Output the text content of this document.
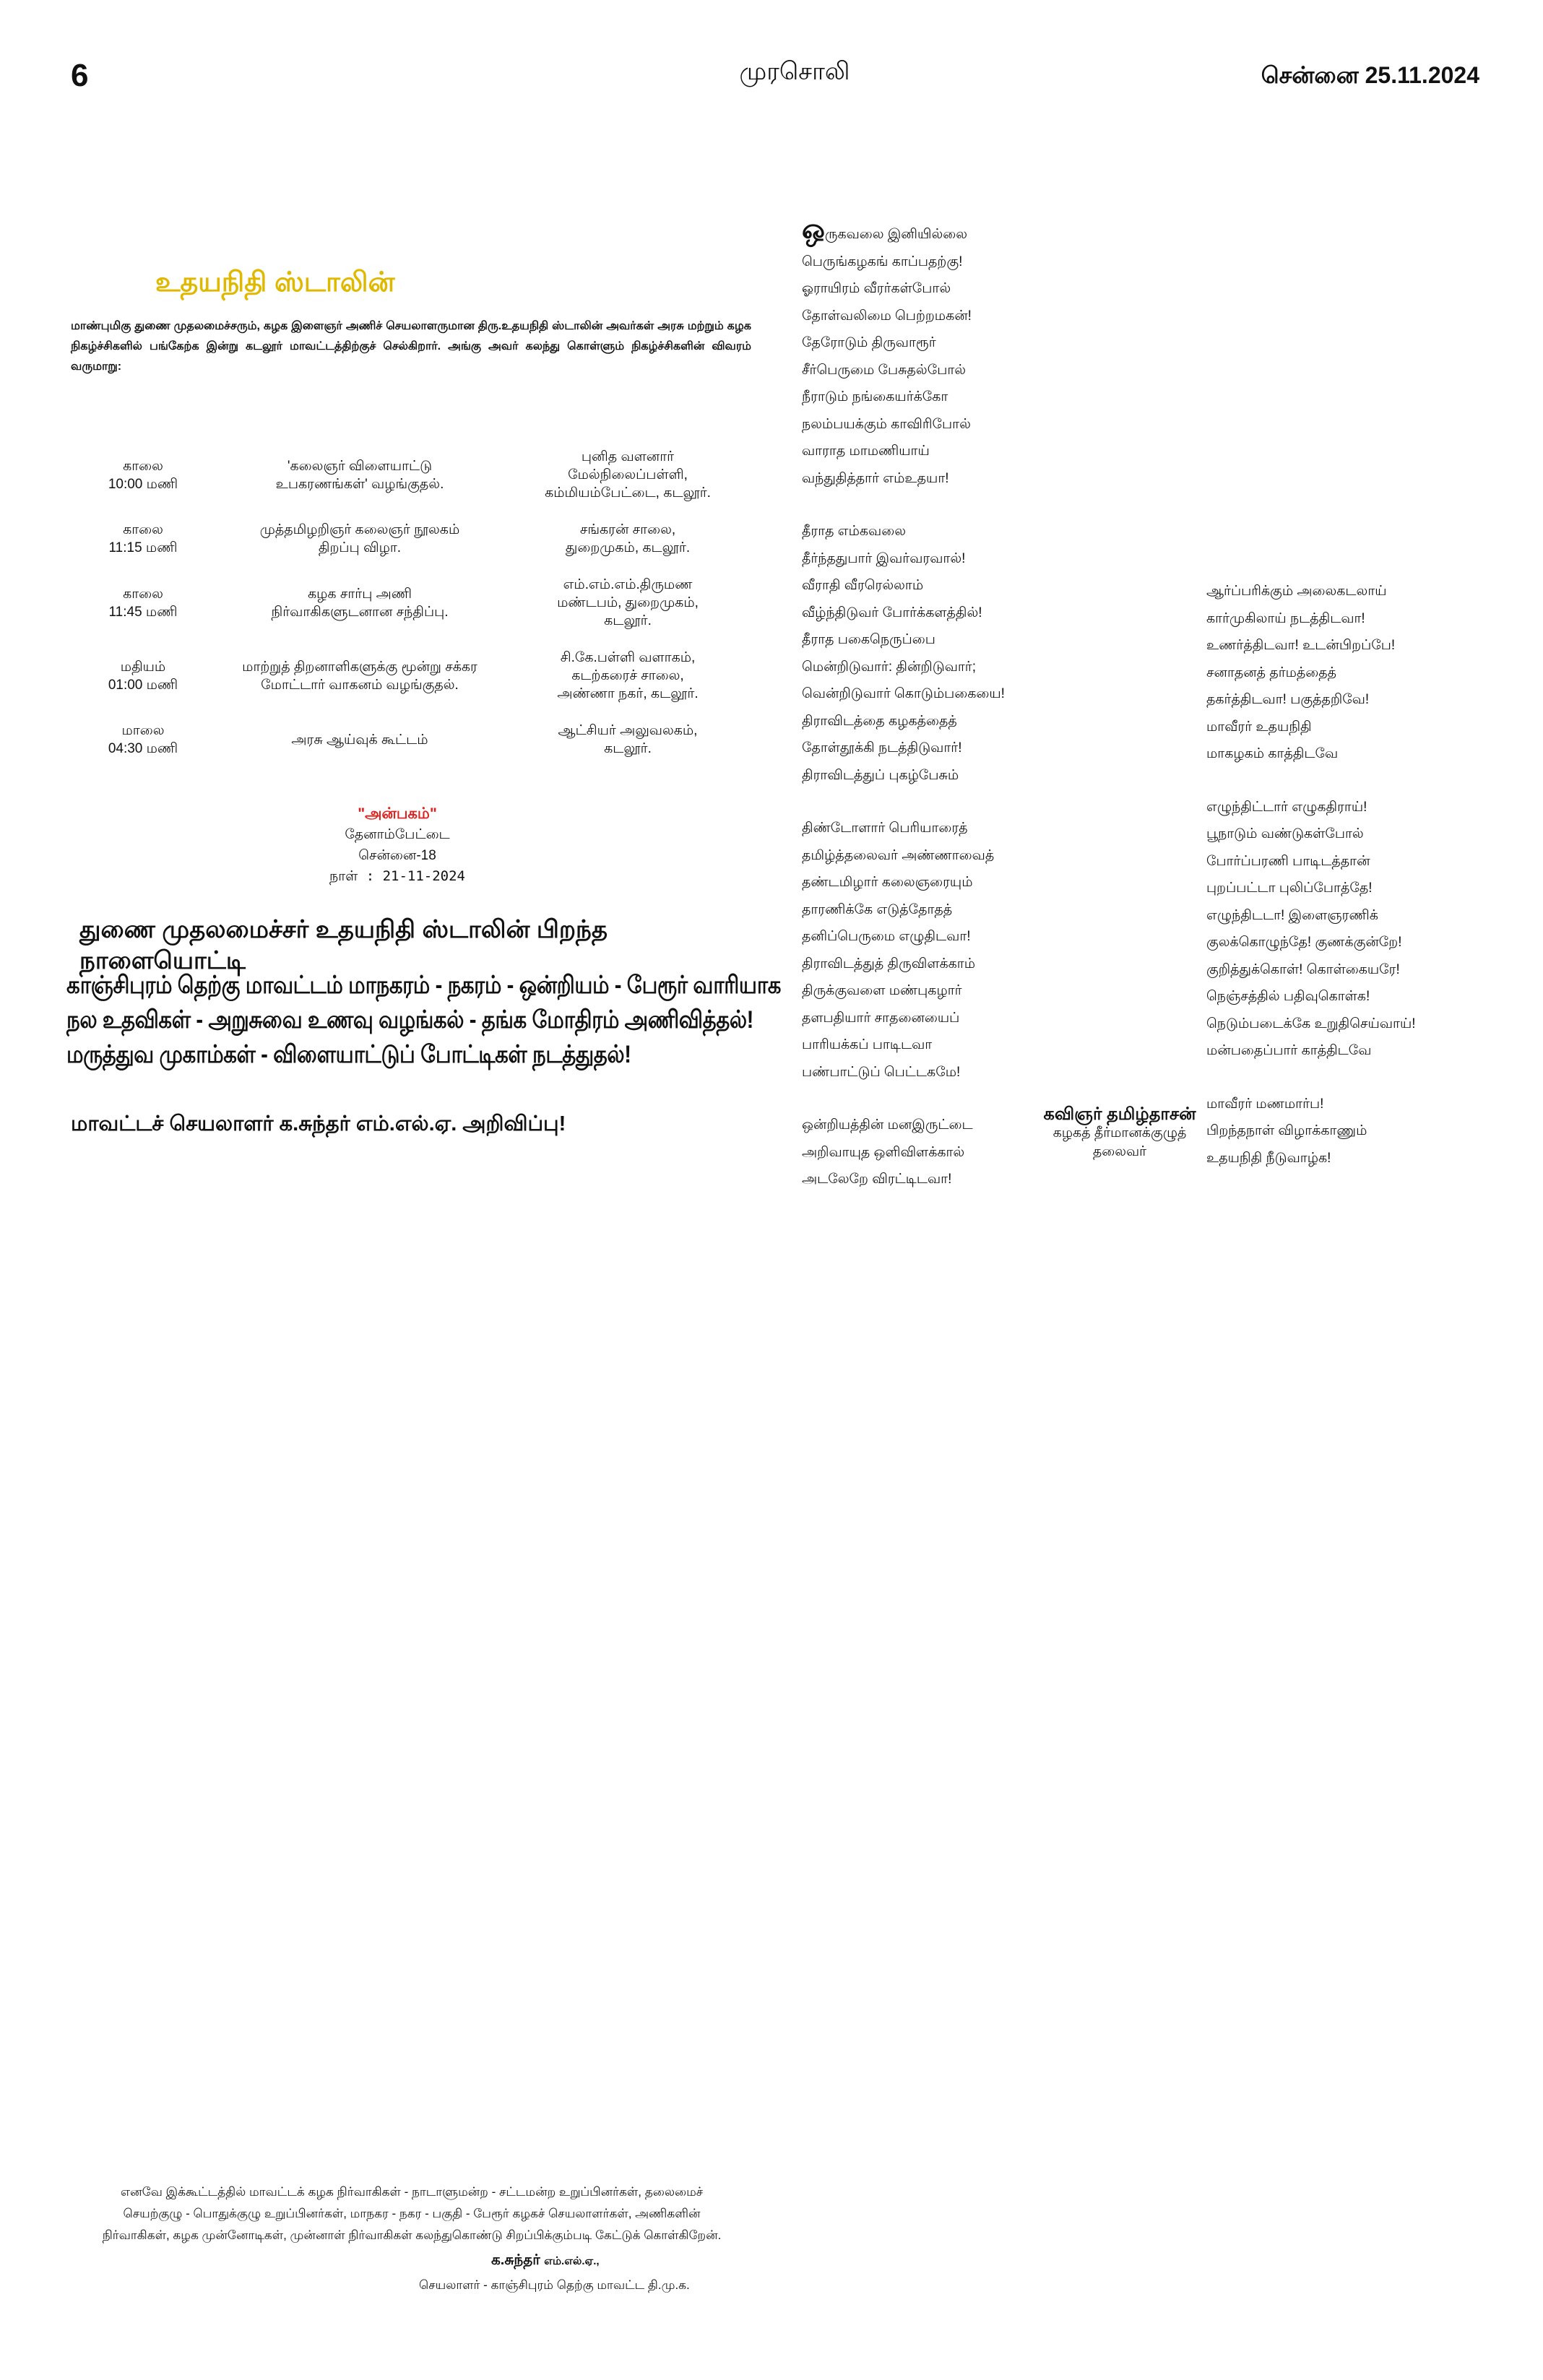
6	முரசொலி	சென்னை 25.11.2024
உதயநிதி ஸ்டாலின்
மாண்புமிகு துணை முதலமைச்சரும், கழக இளைஞர் அணிச் செயலாளருமான திரு.உதயநிதி ஸ்டாலின் அவர்கள் அரசு மற்றும் கழக நிகழ்ச்சிகளில் பங்கேற்க இன்று கடலூர் மாவட்டத்திற்குச் செல்கிறார். அங்கு அவர் கலந்து கொள்ளும் நிகழ்ச்சிகளின் விவரம் வருமாறு:
காலை
10:00 மணி
'கலைஞர் விளையாட்டு
உபகரணங்கள்' வழங்குதல்.
புனித வளனார்
மேல்நிலைப்பள்ளி,
கம்மியம்பேட்டை, கடலூர்.
காலை
11:15 மணி
முத்தமிழறிஞர் கலைஞர் நூலகம்
திறப்பு விழா.
சங்கரன் சாலை,
துறைமுகம், கடலூர்.
காலை
11:45 மணி
கழக சார்பு அணி
நிர்வாகிகளுடனான சந்திப்பு.
எம்.எம்.எம்.திருமண
மண்டபம், துறைமுகம்,
கடலூர்.
மதியம்
01:00 மணி
மாற்றுத் திறனாளிகளுக்கு மூன்று சக்கர
மோட்டார் வாகனம் வழங்குதல்.
சி.கே.பள்ளி வளாகம்,
கடற்கரைச் சாலை,
அண்ணா நகர், கடலூர்.
மாலை
04:30 மணி
அரசு ஆய்வுக் கூட்டம்
ஆட்சியர் அலுவலகம்,
கடலூர்.
"அன்பகம்"
தேனாம்பேட்டை
சென்னை-18
நாள் : 21-11-2024
துணை முதலமைச்சர் உதயநிதி ஸ்டாலின் பிறந்த நாளையொட்டி
காஞ்சிபுரம் தெற்கு மாவட்டம் மாநகரம் - நகரம் - ஒன்றியம் - பேரூர் வாரியாக
நல உதவிகள் - அறுசுவை உணவு வழங்கல் - தங்க மோதிரம் அணிவித்தல்!
மருத்துவ முகாம்கள் - விளையாட்டுப் போட்டிகள் நடத்துதல்!
மாவட்டச் செயலாளர் க.சுந்தர் எம்.எல்.ஏ. அறிவிப்பு!
ஒருகவலை இனியில்லை
பெருங்கழகங் காப்பதற்கு!
ஓராயிரம் வீரர்கள்போல்
தோள்வலிமை பெற்றமகன்!
தேரோடும் திருவாரூர்
சீர்பெருமை பேசுதல்போல்
நீராடும் நங்கையர்க்கோ
நலம்பயக்கும் காவிரிபோல்
வாராத மாமணியாய்
வந்துதித்தார் எம்உதயா!
தீராத எம்கவலை
தீர்ந்ததுபார் இவர்வரவால்!
வீராதி வீரரெல்லாம்
வீழ்ந்திடுவர் போர்க்களத்தில்!
தீராத பகைநெருப்பை
மென்றிடுவார்: தின்றிடுவார்;
வென்றிடுவார் கொடும்பகையை!
திராவிடத்தை கழகத்தைத்
தோள்தூக்கி நடத்திடுவார்!
திராவிடத்துப் புகழ்பேசும்
திண்டோளார் பெரியாரைத்
தமிழ்த்தலைவர் அண்ணாவைத்
தண்டமிழார் கலைஞரையும்
தாரணிக்கே எடுத்தோதத்
தனிப்பெருமை எழுதிடவா!
திராவிடத்துத் திருவிளக்காம்
திருக்குவளை மண்புகழார்
தளபதியார் சாதனையைப்
பாரியக்கப் பாடிடவா
பண்பாட்டுப் பெட்டகமே!
ஒன்றியத்தின் மனஇருட்டை
அறிவாயுத ஒளிவிளக்கால்
அடலேறே விரட்டிடவா!
ஆர்ப்பரிக்கும் அலைகடலாய்
கார்முகிலாய் நடத்திடவா!
உணர்த்திடவா! உடன்பிறப்பே!
சனாதனத் தர்மத்தைத்
தகர்த்திடவா! பகுத்தறிவே!
மாவீரர் உதயநிதி
மாகழகம் காத்திடவே
எழுந்திட்டார் எழுகதிராய்!
பூநாடும் வண்டுகள்போல்
போர்ப்பரணி பாடிடத்தான்
புறப்பட்டா புலிப்போத்தே!
எழுந்திடடா! இளைஞரணிக்
குலக்கொழுந்தே! குணக்குன்றே!
குறித்துக்கொள்! கொள்கையரே!
நெஞ்சத்தில் பதிவுகொள்க!
நெடும்படைக்கே உறுதிசெய்வாய்!
மன்பதைப்பார் காத்திடவே
மாவீரர் மணமார்ப!
பிறந்தநாள் விழாக்காணும்
உதயநிதி நீடுவாழ்க!
கவிஞர் தமிழ்தாசன்
கழகத் தீர்மானக்குழுத்
தலைவர்
எனவே இக்கூட்டத்தில் மாவட்டக் கழக நிர்வாகிகள் - நாடாளுமன்ற - சட்டமன்ற உறுப்பினர்கள், தலைமைச்
செயற்குழு - பொதுக்குழு உறுப்பினர்கள், மாநகர - நகர - பகுதி - பேரூர் கழகச் செயலாளர்கள், அணிகளின்
நிர்வாகிகள், கழக முன்னோடிகள், முன்னாள் நிர்வாகிகள் கலந்துகொண்டு சிறப்பிக்கும்படி கேட்டுக் கொள்கிறேன்.
க.சுந்தர் எம்.எல்.ஏ.,
செயலாளர் - காஞ்சிபுரம் தெற்கு மாவட்ட தி.மு.க.
